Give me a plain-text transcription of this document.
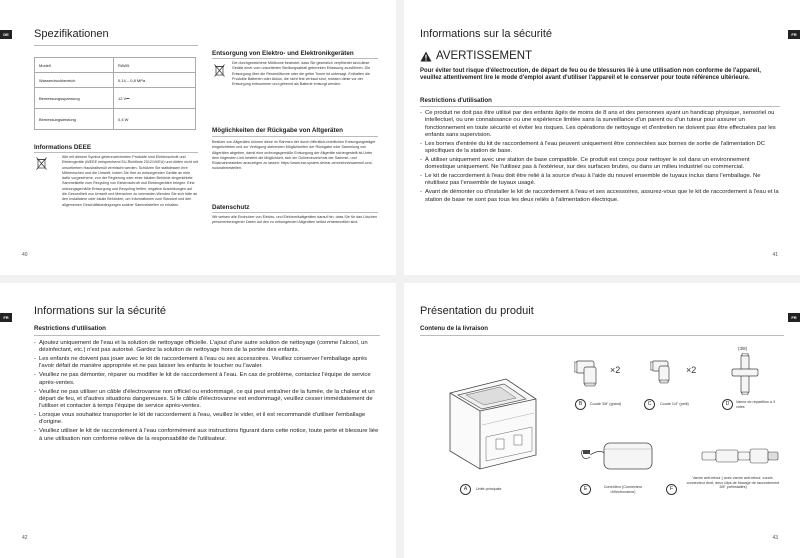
DE Spezifikationen
Modell	RAW5
Wasserdruckbereich	0,14 – 0,8 MPa
Bemessungsspannung	12 V⎓
Bemessungsleistung	0,4 W
Informations DEEE
Alle mit diesem Symbol gekennzeichneten Produkte sind Elektroschrott und Elektrogeräte (WEEE entsprechend EU-Richtlinie 2012/19/EU) und dürfen nicht mit unsortiertem Haushaltsmüll vermischt werden. Schützen Sie stattdessen Ihre Mitmenschen und die Umwelt, indem Sie Ihre zu entsorgenden Geräte an eine dafür vorgesehene, von der Regierung oder einer lokalen Behörde eingerichtete Sammelstelle zum Recycling von Elektroschrott und Elektrogeräten bringen. Eine ordnungsgemäße Entsorgung und Recycling helfen, negative Auswirkungen auf die Gesundheit von Umwelt und Menschen zu vermeiden.Wenden Sie sich bitte an den Installateur oder lokale Behörden, um Informationen zum Standort und den allgemeinen Geschäftsbedingungen solcher Sammelstellen zu erhalten.
Entsorgung von Elektro- und Elektronikgeräten
Die durchgestrichene Mülltonne bedeutet, dass Sie gesetzlich verpflichtet sind,diese Geräte einer vom unsortierten Siedlungsabfall getrennten Erfassung zuzuführen. Die Entsorgung über die Restmülltonne oder die gelbe Tonne ist untersagt. Enthalten die Produkte Batterien oder Akkus, die nicht fest verbaut sind, müssen diese vor der Entsorgung entnommen und getrennt als Batterie entsorgt werden.
Möglichkeiten der Rückgabe von Altgeräten
Besitzer von Altgeräten können diese im Rahmen der durch öffentlich-rechtlichen Entsorgungsträger eingerichteten und zur Verfügung stehenden Möglichkeiten der Rückgabe oder Sammlung von Altgeräten abgeben, damit eine ordnungsgemäße Entsorgung der Altgeräte sichergestellt ist.Unter dem folgenden Link besteht die Möglichkeit, sich ein Onlineverzeichnis der Sammel- und Rücknahmestellen anzuzeigen zu lassen: https://www.ear-system.de/ear-verzeichnis/sammel-und-rucknahmestellen.
Datenschutz
Wir weisen alle Endnutzer von Elektro- und Elektronikaltgeräten darauf hin, dass Sie für das Löschen personenbezogener Daten auf den zu entsorgenden Altgeräten selbst verantwortlich sind.
40
FR
Informations sur la sécurité
AVERTISSEMENT
Pour éviter tout risque d'électrocution, de départ de feu ou de blessures lié à une utilisation non conforme de l'appareil, veuillez attentivement lire le mode d'emploi avant d'utiliser l'appareil et le conserver pour toute référence ultérieure.
Restrictions d'utilisation
- Ce produit ne doit pas être utilisé par des enfants âgés de moins de 8 ans et des personnes ayant un handicap physique, sensoriel ou intellectuel, ou une connaissance ou une expérience limitée sans la surveillance d'un parent ou d'un tuteur pour assurer un fonctionnement en toute sécurité et éviter les risques. Les opérations de nettoyage et d'entretien ne doivent pas être effectuées par les enfants sans supervision.
- Les bornes d'entrée du kit de raccordement à l'eau peuvent uniquement être connectées aux bornes de sortie de l'alimentation DC spécifiques de la station de base.
- À utiliser uniquement avec une station de base compatible. Ce produit est conçu pour nettoyer le sol dans un environnement domestique uniquement. Ne l'utilisez pas à l'extérieur, sur des surfaces brutes, ou dans un milieu industriel ou commercial.
- Le kit de raccordement à l'eau doit être relié à la source d'eau à l'aide du nouvel ensemble de tuyaux inclus dans l'emballage. Ne réutilisez pas l'ensemble de tuyaux usagé.
- Avant de démonter ou d'installer le kit de raccordement à l'eau et ses accessoires, assurez-vous que le kit de raccordement à l'eau et la station de base ne sont pas tous les deux reliés à l'alimentation électrique.
41
FR
Informations sur la sécurité
Restrictions d'utilisation
- Ajoutez uniquement de l'eau et la solution de nettoyage officielle. L'ajout d'une autre solution de nettoyage (comme l'alcool, un désinfectant, etc.) n'est pas autorisé. Gardez la solution de nettoyage hors de la portée des enfants.
- Les enfants ne doivent pas jouer avec le kit de raccordement à l'eau ou ses accessoires. Veuillez conserver l'emballage après l'avoir défait de manière appropriée et ne pas laisser les enfants le toucher ou l'avaler.
- Veuillez ne pas démonter, réparer ou modifier le kit de raccordement à l'eau. En cas de problème, contactez l'équipe de service après-ventes.
- Veuillez ne pas utiliser un câble d'électrovanne non officiel ou endommagé, ce qui peut entraîner de la fumée, de la chaleur et un départ de feu, et d'autres situations dangereuses. Si le câble d'électrovanne est endommagé, veuillez cesser immédiatement de l'utiliser et contacter à temps l'équipe de service après-ventes.
- Lorsque vous souhaitez transporter le kit de raccordement à l'eau, veuillez le vider, et il est recommandé d'utiliser l'emballage d'origine.
- Veuillez utiliser le kit de raccordement à l'eau conformément aux instructions figurant dans cette notice, toute perte et blessure liée à une utilisation non conforme relève de la responsabilité de l'utilisateur.
42
FR
Présentation du produit
Contenu de la livraison
A	Unité principale
×2
B	Coude 3/8" (grand)
×2
C	Coude 1/4" (petit)
(3/8)
D	Vanne de répartition à 3 voies
E	Contrôleur (Connecteur d'électrovanne)	F
Vanne anti-retour ( avec vanne anti-retour, coude, connecteur droit, deux clips de blocage de raccordement 3/8" préinstallés)
43
